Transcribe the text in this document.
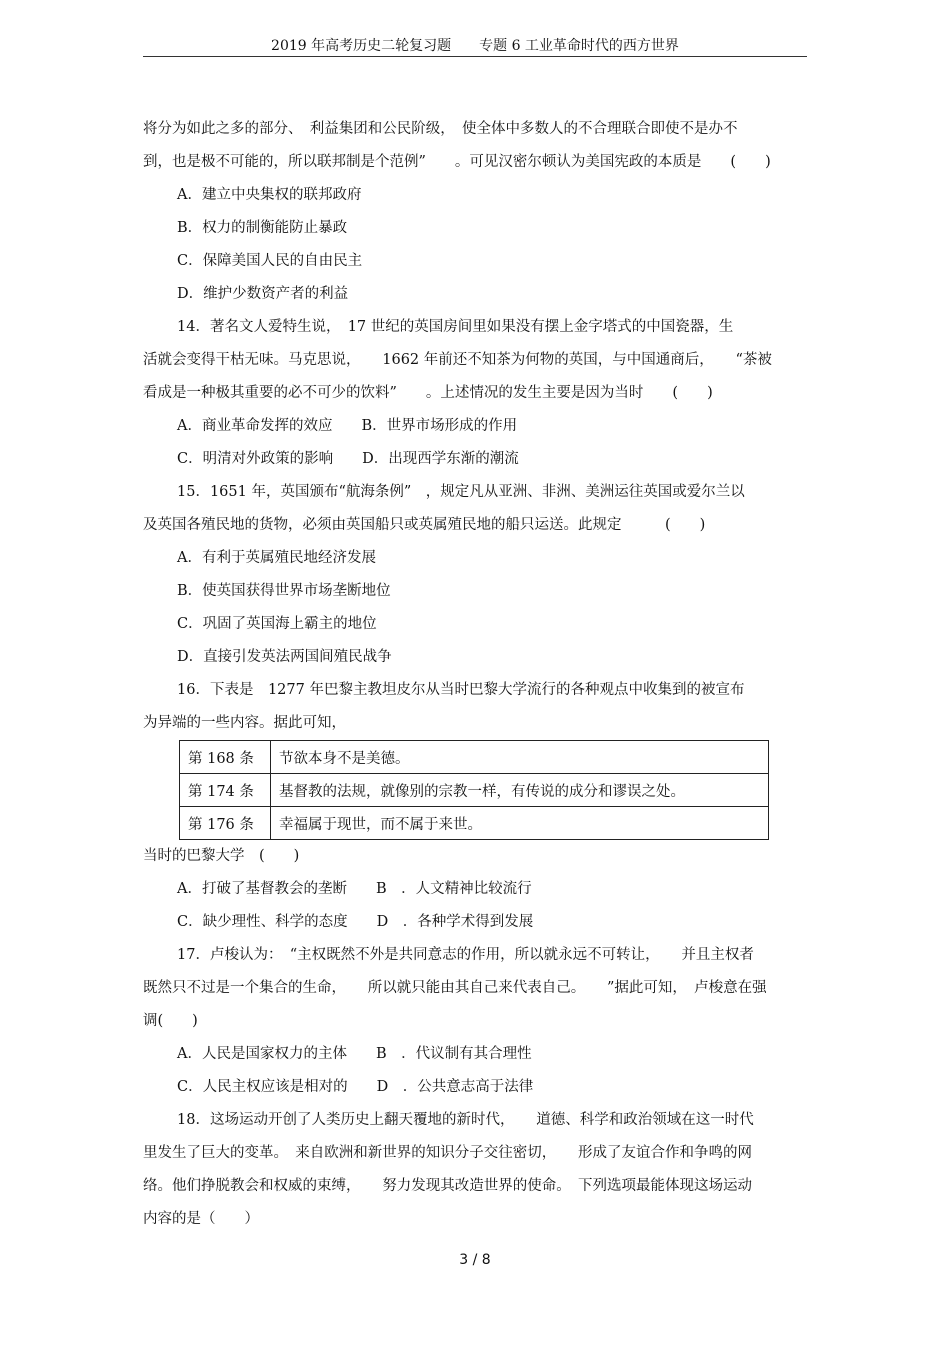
2019 年高考历史二轮复习题　　专题 6 工业革命时代的西方世界
将分为如此之多的部分、　利益集团和公民阶级，　使全体中多数人的不合理联合即使不是办不
到，也是极不可能的，所以联邦制是个范例”　　。可见汉密尔顿认为美国宪政的本质是　　(　　)
A．建立中央集权的联邦政府
B．权力的制衡能防止暴政
C．保障美国人民的自由民主
D．维护少数资产者的利益
14．著名文人爱特生说，　17 世纪的英国房间里如果没有摆上金字塔式的中国瓷器，生
活就会变得干枯无味。马克思说，　　1662 年前还不知茶为何物的英国，与中国通商后，　　“茶被
看成是一种极其重要的必不可少的饮料”　　。上述情况的发生主要是因为当时　　(　　)
A．商业革命发挥的效应　　B．世界市场形成的作用
C．明清对外政策的影响　　D．出现西学东渐的潮流
15．1651 年，英国颁布“航海条例”　，规定凡从亚洲、非洲、美洲运往英国或爱尔兰以
及英国各殖民地的货物，必须由英国船只或英属殖民地的船只运送。此规定　　　(　　)
A．有利于英属殖民地经济发展
B．使英国获得世界市场垄断地位
C．巩固了英国海上霸主的地位
D．直接引发英法两国间殖民战争
16．下表是　1277 年巴黎主教坦皮尔从当时巴黎大学流行的各种观点中收集到的被宣布
为异端的一些内容。据此可知，
第 168 条	节欲本身不是美德。
第 174 条	基督教的法规，就像别的宗教一样，有传说的成分和谬误之处。
第 176 条	幸福属于现世，而不属于来世。
当时的巴黎大学　(　　)
A．打破了基督教会的垄断　　B　．人文精神比较流行
C．缺少理性、科学的态度　　D　．各种学术得到发展
17．卢梭认为：　“主权既然不外是共同意志的作用，所以就永远不可转让，　　并且主权者
既然只不过是一个集合的生命，　　所以就只能由其自己来代表自己。　　”据此可知，　卢梭意在强
调(　　)
A．人民是国家权力的主体　　B　．代议制有其合理性
C．人民主权应该是相对的　　D　．公共意志高于法律
18．这场运动开创了人类历史上翻天覆地的新时代，　　道德、科学和政治领域在这一时代
里发生了巨大的变革。　来自欧洲和新世界的知识分子交往密切，　　形成了友谊合作和争鸣的网
络。他们挣脱教会和权威的束缚，　　努力发现其改造世界的使命。　下列选项最能体现这场运动
内容的是（　　）
3 / 8
